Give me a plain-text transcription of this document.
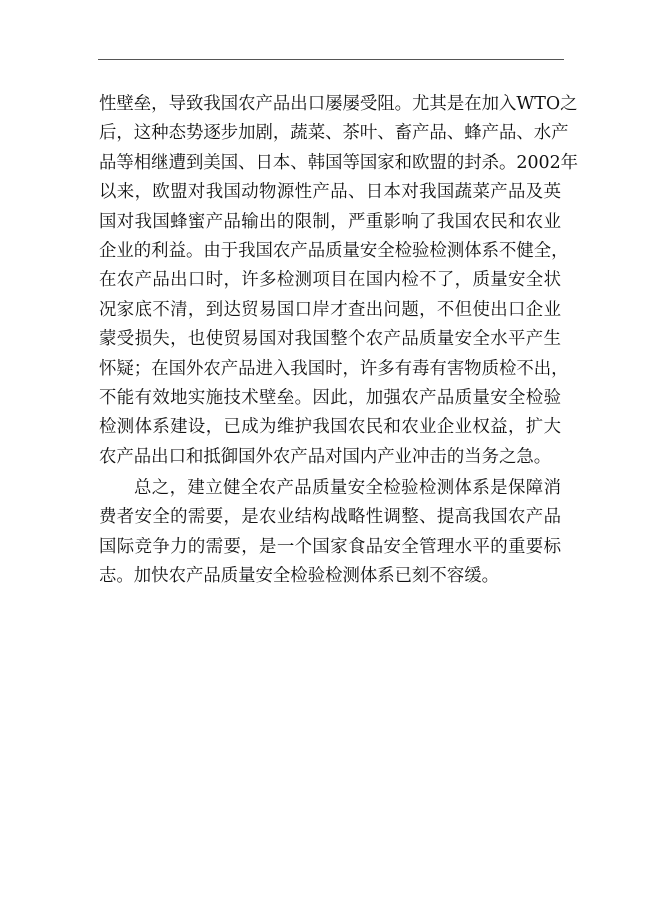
性壁垒，导致我国农产品出口屡屡受阻。尤其是在加入WTO之
后，这种态势逐步加剧，蔬菜、茶叶、畜产品、蜂产品、水产
品等相继遭到美国、日本、韩国等国家和欧盟的封杀。2002年
以来，欧盟对我国动物源性产品、日本对我国蔬菜产品及英
国对我国蜂蜜产品输出的限制，严重影响了我国农民和农业
企业的利益。由于我国农产品质量安全检验检测体系不健全，
在农产品出口时，许多检测项目在国内检不了，质量安全状
况家底不清，到达贸易国口岸才查出问题，不但使出口企业
蒙受损失，也使贸易国对我国整个农产品质量安全水平产生
怀疑；在国外农产品进入我国时，许多有毒有害物质检不出，
不能有效地实施技术壁垒。因此，加强农产品质量安全检验
检测体系建设，已成为维护我国农民和农业企业权益，扩大
农产品出口和抵御国外农产品对国内产业冲击的当务之急。
总之，建立健全农产品质量安全检验检测体系是保障消
费者安全的需要，是农业结构战略性调整、提高我国农产品
国际竞争力的需要，是一个国家食品安全管理水平的重要标
志。加快农产品质量安全检验检测体系已刻不容缓。
